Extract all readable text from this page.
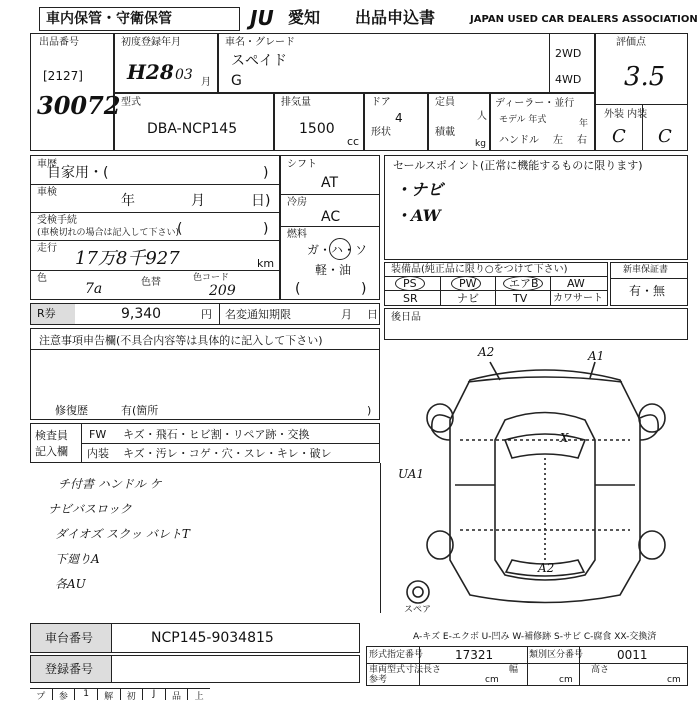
車内保管・守衛保管	JU 愛知 出品申込書	JAPAN USED CAR DEALERS ASSOCIATION
出品番号
[2127]
30072
初度登録年月
H28 03 月
車名・グレード
スペイド
G
2WD
4WD
評価点
3.5
外装 内装
C C
型式
DBA-NCP145
排気量
1500
cc
ドア
4
形状
定員
人
積載
kg
ディーラー・並行
モデル 年式	年
ハンドル 左 右
車歴
自家用・(	)
車検
年	月	日)
受検手続
(車検切れの場合は記入して下さい)
(	)
走行 17万8千927	km
色
7a	色替	色コード
209
シフト
AT
冷房
AC
燃料
ガ・ハ・ソ
軽・油
(	)
R券	9,340	円 名変通知期限	月 日
注意事項申告欄(不具合内容等は具体的に記入して下さい)
修復歴	有(箇所	)
検査員
記入欄
FW キズ・飛石・ヒビ割・リペア跡・交換
内装 キズ・汚レ・コゲ・穴・スレ・キレ・破レ
チ付書 ハンドル ケ
ナビバスロック
ダイオズ スクッ バレトT
下廻りA
各AU
セールスポイント(正常に機能するものに限ります)
・ナビ
・AW
装備品(純正品に限り○をつけて下さい)
PS	PW	エアB	AW
SR	ナビ	TV	カワサート
新車保証書
有・無
後日品
A2	A1
UA1
X
A2
スペア
A-キズ E-エクボ U-凹み W-補修跡 S-サビ C-腐食 XX-交換済
車台番号	NCP145-9034815
登録番号
形式指定番号	17321	類別区分番号	0011
車両型式寸法 長さ	幅	高さ
参考	cm	cm	cm
プ	参	1	解	初	J	品	上
